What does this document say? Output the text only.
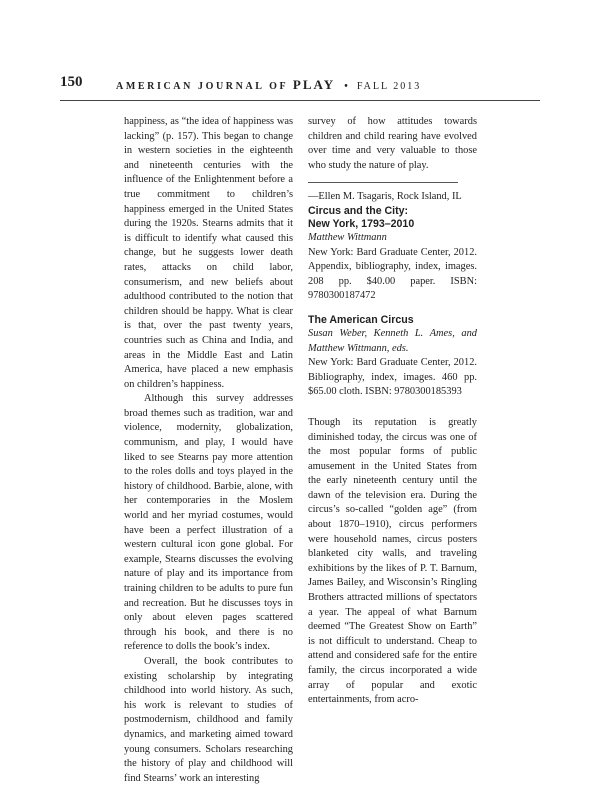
150	AMERICAN JOURNAL OF PLAY • FALL 2013

happiness, as “the idea of happiness was lacking” (p. 157). This began to change in western societies in the eighteenth and nineteenth centuries with the influence of the Enlightenment before a true commitment to children’s happiness emerged in the United States during the 1920s. Stearns admits that it is difficult to identify what caused this change, but he suggests lower death rates, attacks on child labor, consumerism, and new beliefs about adulthood contributed to the notion that children should be happy. What is clear is that, over the past twenty years, countries such as China and India, and areas in the Middle East and Latin America, have placed a new emphasis on children’s happiness.

Although this survey addresses broad themes such as tradition, war and violence, modernity, globalization, communism, and play, I would have liked to see Stearns pay more attention to the roles dolls and toys played in the history of childhood. Barbie, alone, with her contemporaries in the Moslem world and her myriad costumes, would have been a perfect illustration of a western cultural icon gone global. For example, Stearns discusses the evolving nature of play and its importance from training children to be adults to pure fun and recreation. But he discusses toys in only about eleven pages scattered through his book, and there is no reference to dolls the book’s index.

Overall, the book contributes to existing scholarship by integrating childhood into world history. As such, his work is relevant to studies of postmodernism, childhood and family dynamics, and marketing aimed toward young consumers. Scholars researching the history of play and childhood will find Stearns’ work an interesting

survey of how attitudes towards children and child rearing have evolved over time and very valuable to those who study the nature of play.

—Ellen M. Tsagaris, Rock Island, IL

Circus and the City:
New York, 1793–2010
Matthew Wittmann
New York: Bard Graduate Center, 2012. Appendix, bibliography, index, images. 208 pp. $40.00 paper. ISBN: 9780300187472
The American Circus
Susan Weber, Kenneth L. Ames, and Matthew Wittmann, eds.
New York: Bard Graduate Center, 2012. Bibliography, index, images. 460 pp. $65.00 cloth. ISBN: 9780300185393

Though its reputation is greatly diminished today, the circus was one of the most popular forms of public amusement in the United States from the early nineteenth century until the dawn of the television era. During the circus’s so-called “golden age” (from about 1870–1910), circus performers were household names, circus posters blanketed city walls, and traveling exhibitions by the likes of P. T. Barnum, James Bailey, and Wisconsin’s Ringling Brothers attracted millions of spectators a year. The appeal of what Barnum deemed “The Greatest Show on Earth” is not difficult to understand. Cheap to attend and considered safe for the entire family, the circus incorporated a wide array of popular and exotic entertainments, from acro-
